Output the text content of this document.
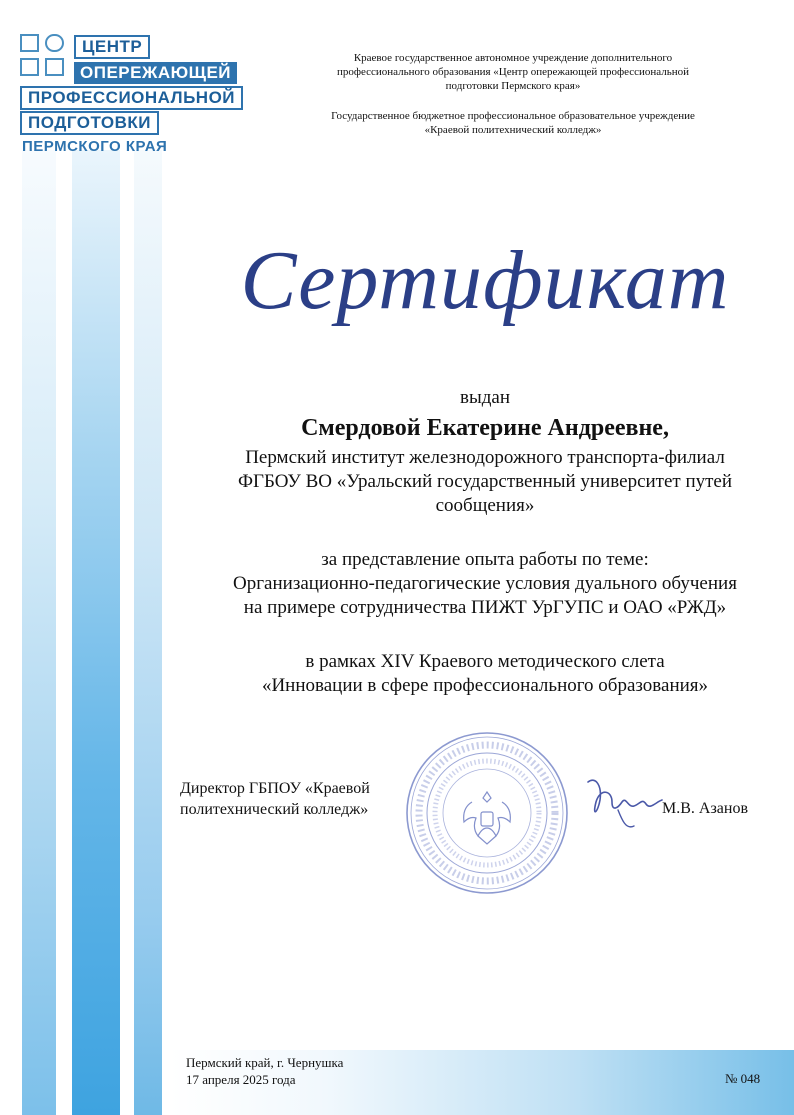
ЦЕНТР
ОПЕРЕЖАЮЩЕЙ
ПРОФЕССИОНАЛЬНОЙ
ПОДГОТОВКИ
ПЕРМСКОГО КРАЯ
Краевое государственное автономное учреждение дополнительного
профессионального образования «Центр опережающей профессиональной
подготовки Пермского края»
Государственное бюджетное профессиональное образовательное учреждение
«Краевой политехнический колледж»
Сертификат
выдан
Смердовой Екатерине Андреевне,
Пермский институт железнодорожного транспорта-филиал
ФГБОУ ВО «Уральский государственный университет путей
сообщения»
за представление опыта работы по теме:
Организационно-педагогические условия дуального обучения
на примере сотрудничества ПИЖТ УрГУПС и ОАО «РЖД»
в рамках XIV Краевого методического слета
«Инновации в сфере профессионального образования»
Директор ГБПОУ «Краевой
политехнический колледж»	М.В. Азанов
Пермский край, г. Чернушка
17 апреля 2025 года	№ 048
